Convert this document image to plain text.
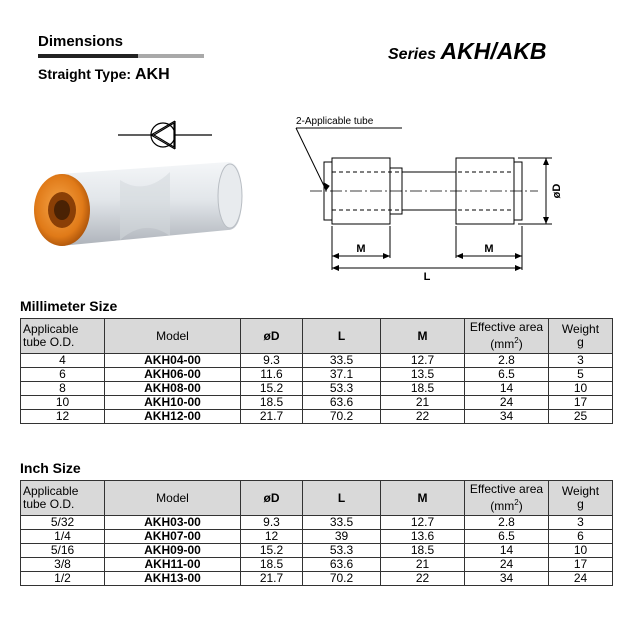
Dimensions
Straight Type: AKH
Series AKH/AKB
2-Applicable tube
M	M
L
øD
Millimeter Size
Applicable
tube O.D.	Model	øD	L	M	Effective area
$(mm^2)$	Weight
g
4	AKH04-00	9.3	33.5	12.7	2.8	3
6	AKH06-00	11.6	37.1	13.5	6.5	5
8	AKH08-00	15.2	53.3	18.5	14	10
10	AKH10-00	18.5	63.6	21	24	17
12	AKH12-00	21.7	70.2	22	34	25
Inch Size
Applicable
tube O.D.	Model	øD	L	M	Effective area
$(mm^2)$	Weight
g
5/32	AKH03-00	9.3	33.5	12.7	2.8	3
1/4	AKH07-00	12	39	13.6	6.5	6
5/16	AKH09-00	15.2	53.3	18.5	14	10
3/8	AKH11-00	18.5	63.6	21	24	17
1/2	AKH13-00	21.7	70.2	22	34	24
